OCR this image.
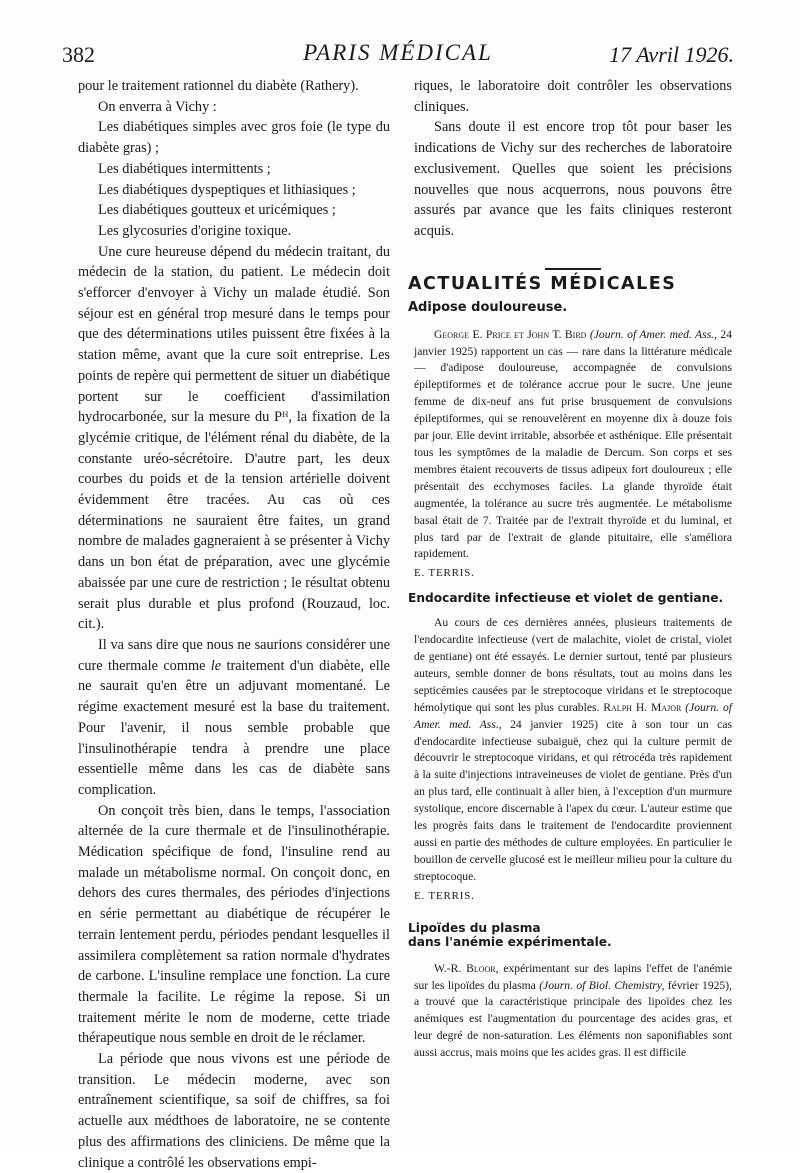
382	PARIS MÉDICAL	17 Avril 1926.

pour le traitement rationnel du diabète (Rathery).

On enverra à Vichy :

Les diabétiques simples avec gros foie (le type du diabète gras) ;

Les diabétiques intermittents ;

Les diabétiques dyspeptiques et lithiasiques ;

Les diabétiques goutteux et uricémiques ;

Les glycosuries d'origine toxique.

Une cure heureuse dépend du médecin traitant, du médecin de la station, du patient. Le médecin doit s'efforcer d'envoyer à Vichy un malade étudié. Son séjour est en général trop mesuré dans le temps pour que des déterminations utiles puissent être fixées à la station même, avant que la cure soit entreprise. Les points de repère qui permettent de situer un diabétique portent sur le coefficient d'assimilation hydrocarbonée, sur la mesure du Pᴴ, la fixation de la glycémie critique, de l'élément rénal du diabète, de la constante uréo-sécrétoire. D'autre part, les deux courbes du poids et de la tension artérielle doivent évidemment être tracées. Au cas où ces déterminations ne sauraient être faites, un grand nombre de malades gagneraient à se présenter à Vichy dans un bon état de préparation, avec une glycémie abaissée par une cure de restriction ; le résultat obtenu serait plus durable et plus profond (Rouzaud, loc. cit.).

Il va sans dire que nous ne saurions considérer une cure thermale comme le traitement d'un diabète, elle ne saurait qu'en être un adjuvant momentané. Le régime exactement mesuré est la base du traitement. Pour l'avenir, il nous semble probable que l'insulinothérapie tendra à prendre une place essentielle même dans les cas de diabète sans complication.

On conçoit très bien, dans le temps, l'association alternée de la cure thermale et de l'insulinothérapie. Médication spécifique de fond, l'insuline rend au malade un métabolisme normal. On conçoit donc, en dehors des cures thermales, des périodes d'injections en série permettant au diabétique de récupérer le terrain lentement perdu, périodes pendant lesquelles il assimilera complètement sa ration normale d'hydrates de carbone. L'insuline remplace une fonction. La cure thermale la facilite. Le régime la repose. Si un traitement mérite le nom de moderne, cette triade thérapeutique nous semble en droit de le réclamer.

La période que nous vivons est une période de transition. Le médecin moderne, avec son entraînement scientifique, sa soif de chiffres, sa foi actuelle aux médthoes de laboratoire, ne se contente plus des affirmations des cliniciens. De même que la clinique a contrôlé les observations empi-

riques, le laboratoire doit contrôler les observations cliniques.

Sans doute il est encore trop tôt pour baser les indications de Vichy sur des recherches de laboratoire exclusivement. Quelles que soient les précisions nouvelles que nous acquerrons, nous pouvons être assurés par avance que les faits cliniques resteront acquis.

ACTUALITÉS MÉDICALES

Adipose douloureuse.

George E. Price et John T. Bird (Journ. of Amer. med. Ass., 24 janvier 1925) rapportent un cas — rare dans la littérature médicale — d'adipose douloureuse, accompagnée de convulsions épileptiformes et de tolérance accrue pour le sucre. Une jeune femme de dix-neuf ans fut prise brusquement de convulsions épileptiformes, qui se renouvelèrent en moyenne dix à douze fois par jour. Elle devint irritable, absorbée et asthénique. Elle présentait tous les symptômes de la maladie de Dercum. Son corps et ses membres étaient recouverts de tissus adipeux fort douloureux ; elle présentait des ecchymoses faciles. La glande thyroïde était augmentée, la tolérance au sucre très augmentée. Le métabolisme basal était de 7. Traitée par de l'extrait thyroïde et du luminal, et plus tard par de l'extrait de glande pituitaire, elle s'améliora rapidement.

E. TERRIS.

Endocardite infectieuse et violet de gentiane.

Au cours de ces dernières années, plusieurs traitements de l'endocardite infectieuse (vert de malachite, violet de cristal, violet de gentiane) ont été essayés. Le dernier surtout, tenté par plusieurs auteurs, semble donner de bons résultats, tout au moins dans les septicémies causées par le streptocoque viridans et le streptocoque hémolytique qui sont les plus curables. Ralph H. Major (Journ. of Amer. med. Ass., 24 janvier 1925) cite à son tour un cas d'endocardite infectieuse subaiguë, chez qui la culture permit de découvrir le streptocoque viridans, et qui rétrocéda très rapidement à la suite d'injections intraveineuses de violet de gentiane. Près d'un an plus tard, elle continuait à aller bien, à l'exception d'un murmure systolique, encore discernable à l'apex du cœur. L'auteur estime que les progrès faits dans le traitement de l'endocardite proviennent aussi en partie des méthodes de culture employées. En particulier le bouillon de cervelle glucosé est le meilleur milieu pour la culture du streptocoque.

E. TERRIS.

Lipoïdes du plasma

dans l'anémie expérimentale.

W.-R. Bloor, expérimentant sur des lapins l'effet de l'anémie sur les lipoïdes du plasma (Journ. of Biol. Chemistry, février 1925), a trouvé que la caractéristique principale des lipoïdes chez les anémiques est l'augmentation du pourcentage des acides gras, et leur degré de non-saturation. Les éléments non saponifiables sont aussi accrus, mais moins que les acides gras. Il est difficile
